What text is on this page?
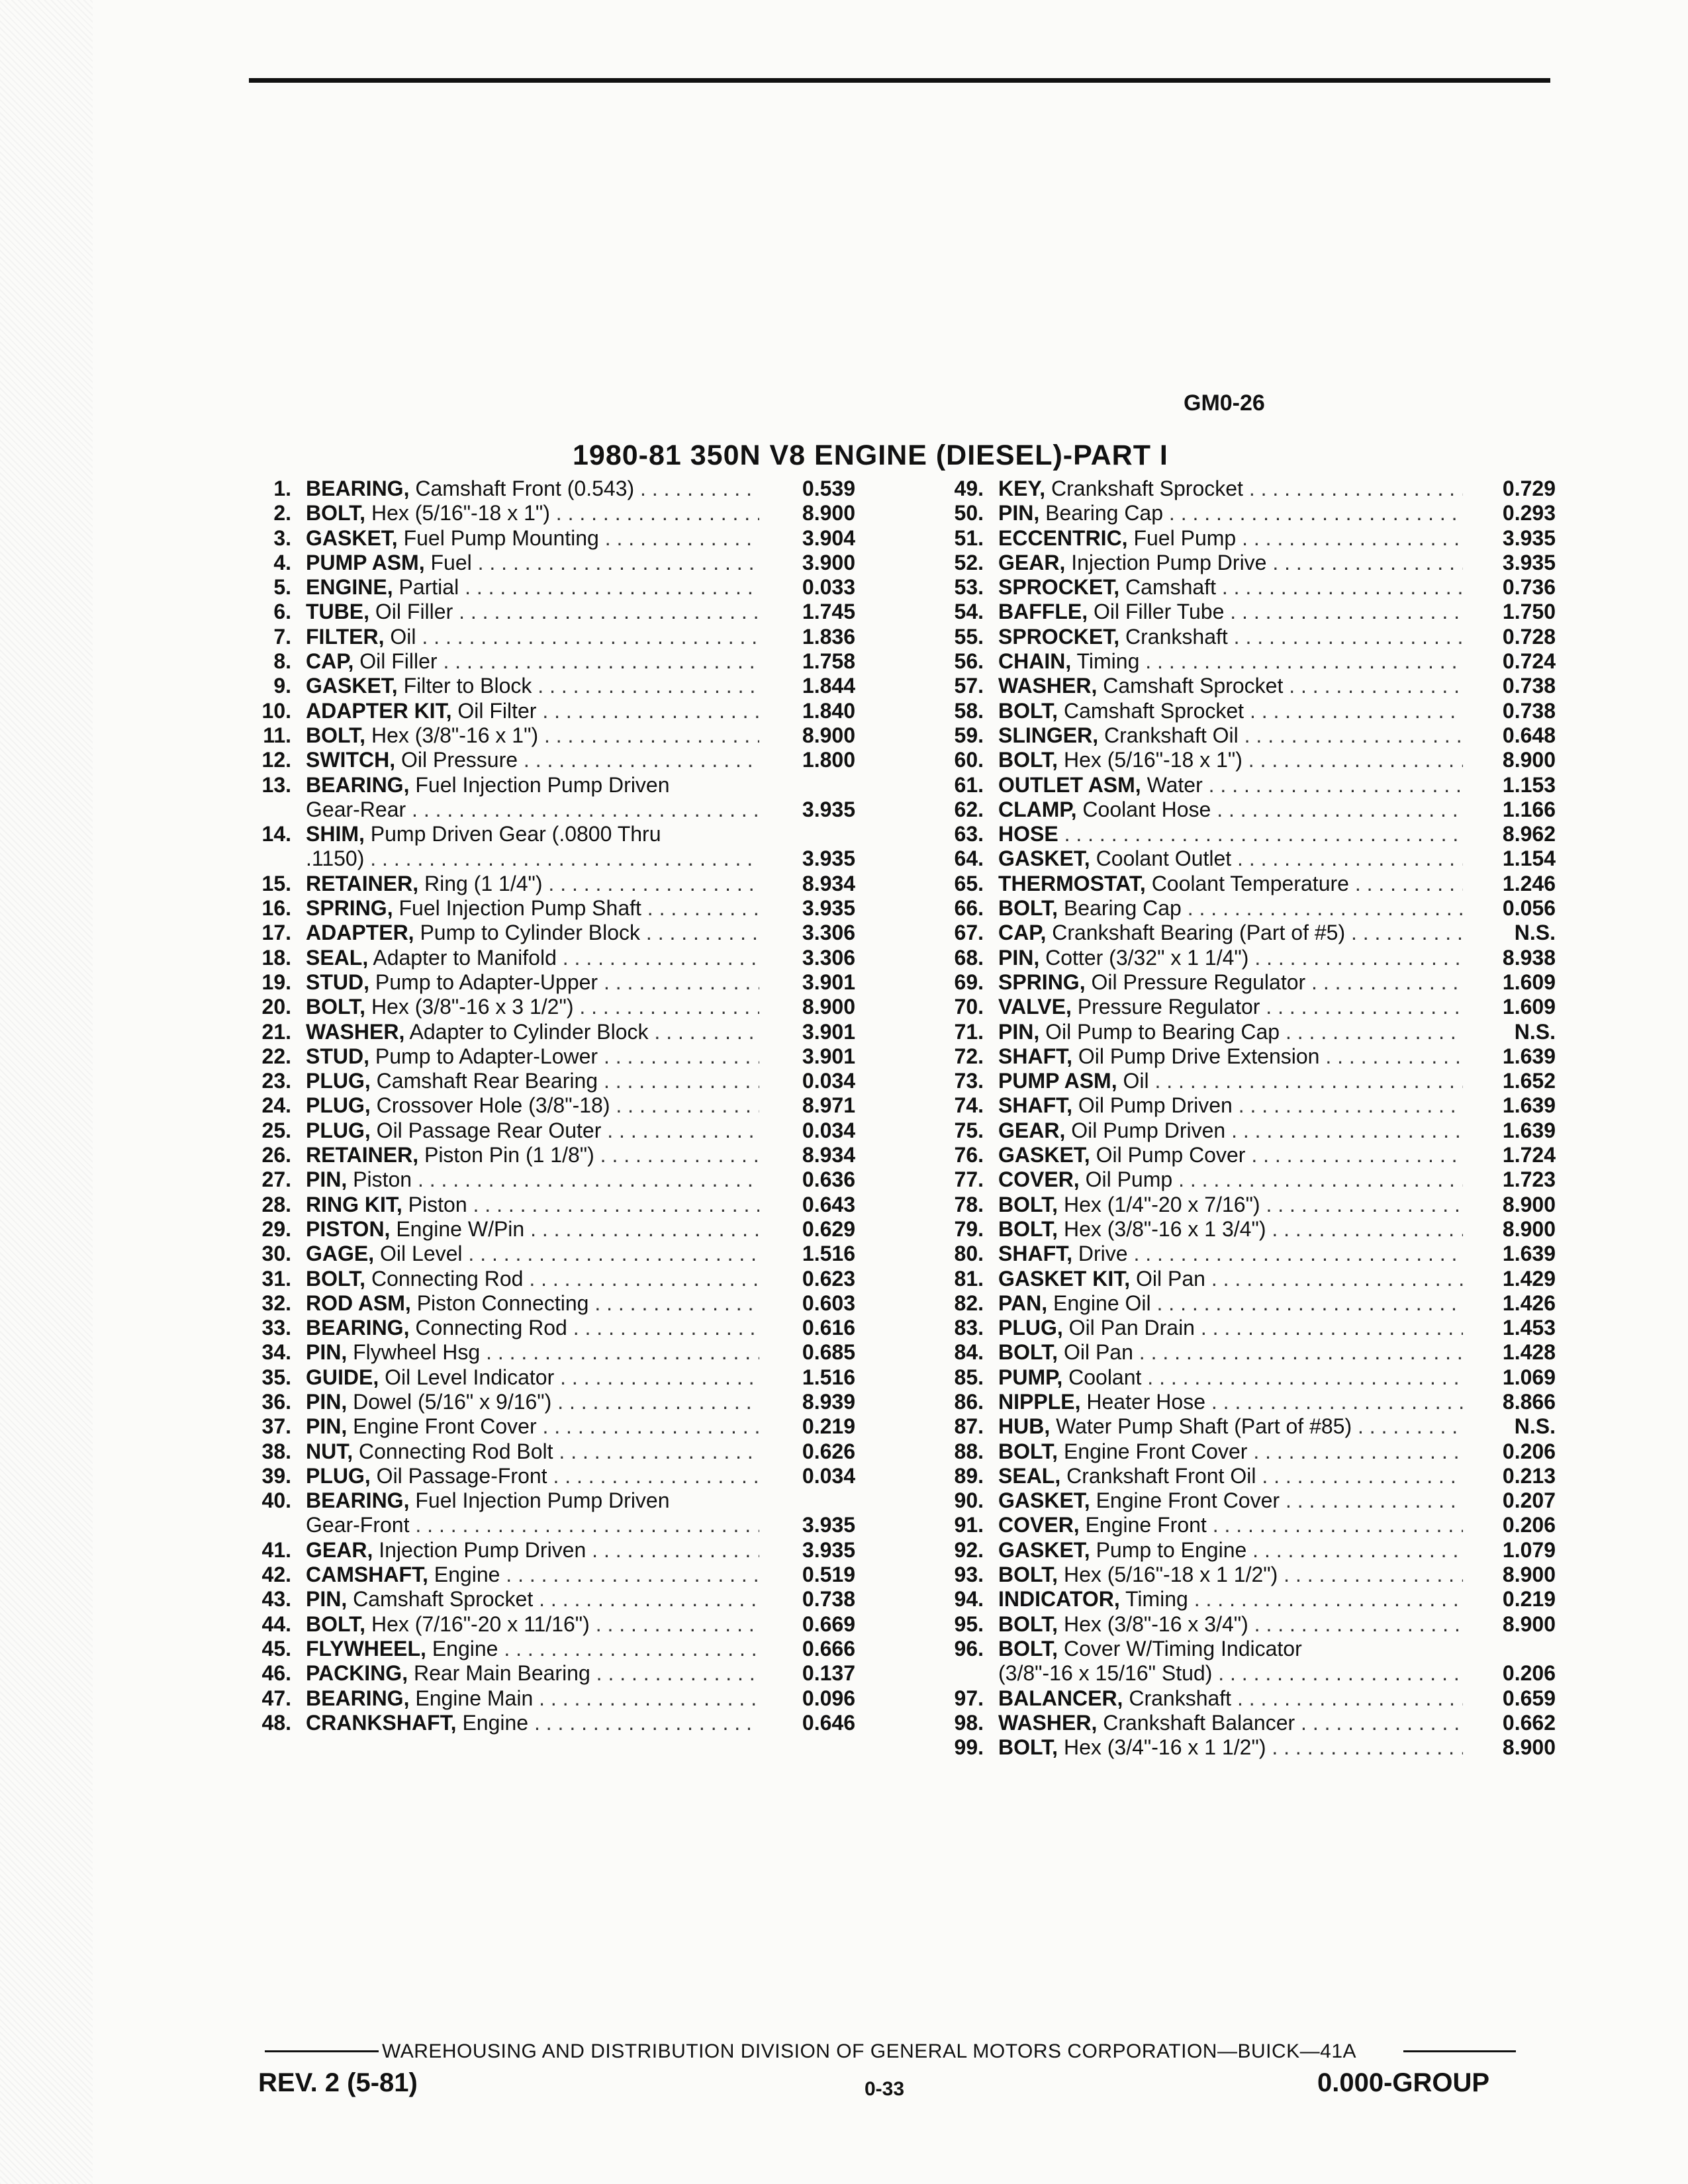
GM0-26
1980-81 350N V8 ENGINE (DIESEL)-PART I
1. BEARING, Camshaft Front (0.543) . . .	0.539
2. BOLT, Hex (5/16"-18 x 1") . . .	8.900
3. GASKET, Fuel Pump Mounting . . .	3.904
4. PUMP ASM, Fuel . . .	3.900
5. ENGINE, Partial . . .	0.033
6. TUBE, Oil Filler . . .	1.745
7. FILTER, Oil . . .	1.836
8. CAP, Oil Filler . . .	1.758
9. GASKET, Filter to Block . . .	1.844
10. ADAPTER KIT, Oil Filter . . .	1.840
11. BOLT, Hex (3/8"-16 x 1") . . .	8.900
12. SWITCH, Oil Pressure . . .	1.800
13. BEARING, Fuel Injection Pump Driven
Gear-Rear . . .	3.935
14. SHIM, Pump Driven Gear (.0800 Thru
.1150) . . .	3.935
15. RETAINER, Ring (1 1/4") . . .	8.934
16. SPRING, Fuel Injection Pump Shaft . . .	3.935
17. ADAPTER, Pump to Cylinder Block . . .	3.306
18. SEAL, Adapter to Manifold . . .	3.306
19. STUD, Pump to Adapter-Upper . . .	3.901
20. BOLT, Hex (3/8"-16 x 3 1/2") . . .	8.900
21. WASHER, Adapter to Cylinder Block . . .	3.901
22. STUD, Pump to Adapter-Lower . . .	3.901
23. PLUG, Camshaft Rear Bearing . . .	0.034
24. PLUG, Crossover Hole (3/8"-18) . . .	8.971
25. PLUG, Oil Passage Rear Outer . . .	0.034
26. RETAINER, Piston Pin (1 1/8") . . .	8.934
27. PIN, Piston . . .	0.636
28. RING KIT, Piston . . .	0.643
29. PISTON, Engine W/Pin . . .	0.629
30. GAGE, Oil Level . . .	1.516
31. BOLT, Connecting Rod . . .	0.623
32. ROD ASM, Piston Connecting . . .	0.603
33. BEARING, Connecting Rod . . .	0.616
34. PIN, Flywheel Hsg . . .	0.685
35. GUIDE, Oil Level Indicator . . .	1.516
36. PIN, Dowel (5/16" x 9/16") . . .	8.939
37. PIN, Engine Front Cover . . .	0.219
38. NUT, Connecting Rod Bolt . . .	0.626
39. PLUG, Oil Passage-Front . . .	0.034
40. BEARING, Fuel Injection Pump Driven
Gear-Front . . .	3.935
41. GEAR, Injection Pump Driven . . .	3.935
42. CAMSHAFT, Engine . . .	0.519
43. PIN, Camshaft Sprocket . . .	0.738
44. BOLT, Hex (7/16"-20 x 11/16") . . .	0.669
45. FLYWHEEL, Engine . . .	0.666
46. PACKING, Rear Main Bearing . . .	0.137
47. BEARING, Engine Main . . .	0.096
48. CRANKSHAFT, Engine . . .	0.646
49. KEY, Crankshaft Sprocket . . .	0.729
50. PIN, Bearing Cap . . .	0.293
51. ECCENTRIC, Fuel Pump . . .	3.935
52. GEAR, Injection Pump Drive . . .	3.935
53. SPROCKET, Camshaft . . .	0.736
54. BAFFLE, Oil Filler Tube . . .	1.750
55. SPROCKET, Crankshaft . . .	0.728
56. CHAIN, Timing . . .	0.724
57. WASHER, Camshaft Sprocket . . .	0.738
58. BOLT, Camshaft Sprocket . . .	0.738
59. SLINGER, Crankshaft Oil . . .	0.648
60. BOLT, Hex (5/16"-18 x 1") . . .	8.900
61. OUTLET ASM, Water . . .	1.153
62. CLAMP, Coolant Hose . . .	1.166
63. HOSE . . .	8.962
64. GASKET, Coolant Outlet . . .	1.154
65. THERMOSTAT, Coolant Temperature . . .	1.246
66. BOLT, Bearing Cap . . .	0.056
67. CAP, Crankshaft Bearing (Part of #5) . . .	N.S.
68. PIN, Cotter (3/32" x 1 1/4") . . .	8.938
69. SPRING, Oil Pressure Regulator . . .	1.609
70. VALVE, Pressure Regulator . . .	1.609
71. PIN, Oil Pump to Bearing Cap . . .	N.S.
72. SHAFT, Oil Pump Drive Extension . . .	1.639
73. PUMP ASM, Oil . . .	1.652
74. SHAFT, Oil Pump Driven . . .	1.639
75. GEAR, Oil Pump Driven . . .	1.639
76. GASKET, Oil Pump Cover . . .	1.724
77. COVER, Oil Pump . . .	1.723
78. BOLT, Hex (1/4"-20 x 7/16") . . .	8.900
79. BOLT, Hex (3/8"-16 x 1 3/4") . . .	8.900
80. SHAFT, Drive . . .	1.639
81. GASKET KIT, Oil Pan . . .	1.429
82. PAN, Engine Oil . . .	1.426
83. PLUG, Oil Pan Drain . . .	1.453
84. BOLT, Oil Pan . . .	1.428
85. PUMP, Coolant . . .	1.069
86. NIPPLE, Heater Hose . . .	8.866
87. HUB, Water Pump Shaft (Part of #85) . . .	N.S.
88. BOLT, Engine Front Cover . . .	0.206
89. SEAL, Crankshaft Front Oil . . .	0.213
90. GASKET, Engine Front Cover . . .	0.207
91. COVER, Engine Front . . .	0.206
92. GASKET, Pump to Engine . . .	1.079
93. BOLT, Hex (5/16"-18 x 1 1/2") . . .	8.900
94. INDICATOR, Timing . . .	0.219
95. BOLT, Hex (3/8"-16 x 3/4") . . .	8.900
96. BOLT, Cover W/Timing Indicator
(3/8"-16 x 15/16" Stud) . . .	0.206
97. BALANCER, Crankshaft . . .	0.659
98. WASHER, Crankshaft Balancer . . .	0.662
99. BOLT, Hex (3/4"-16 x 1 1/2") . . .	8.900
WAREHOUSING AND DISTRIBUTION DIVISION OF GENERAL MOTORS CORPORATION—BUICK—41A
REV. 2 (5-81)	0-33	0.000-GROUP
